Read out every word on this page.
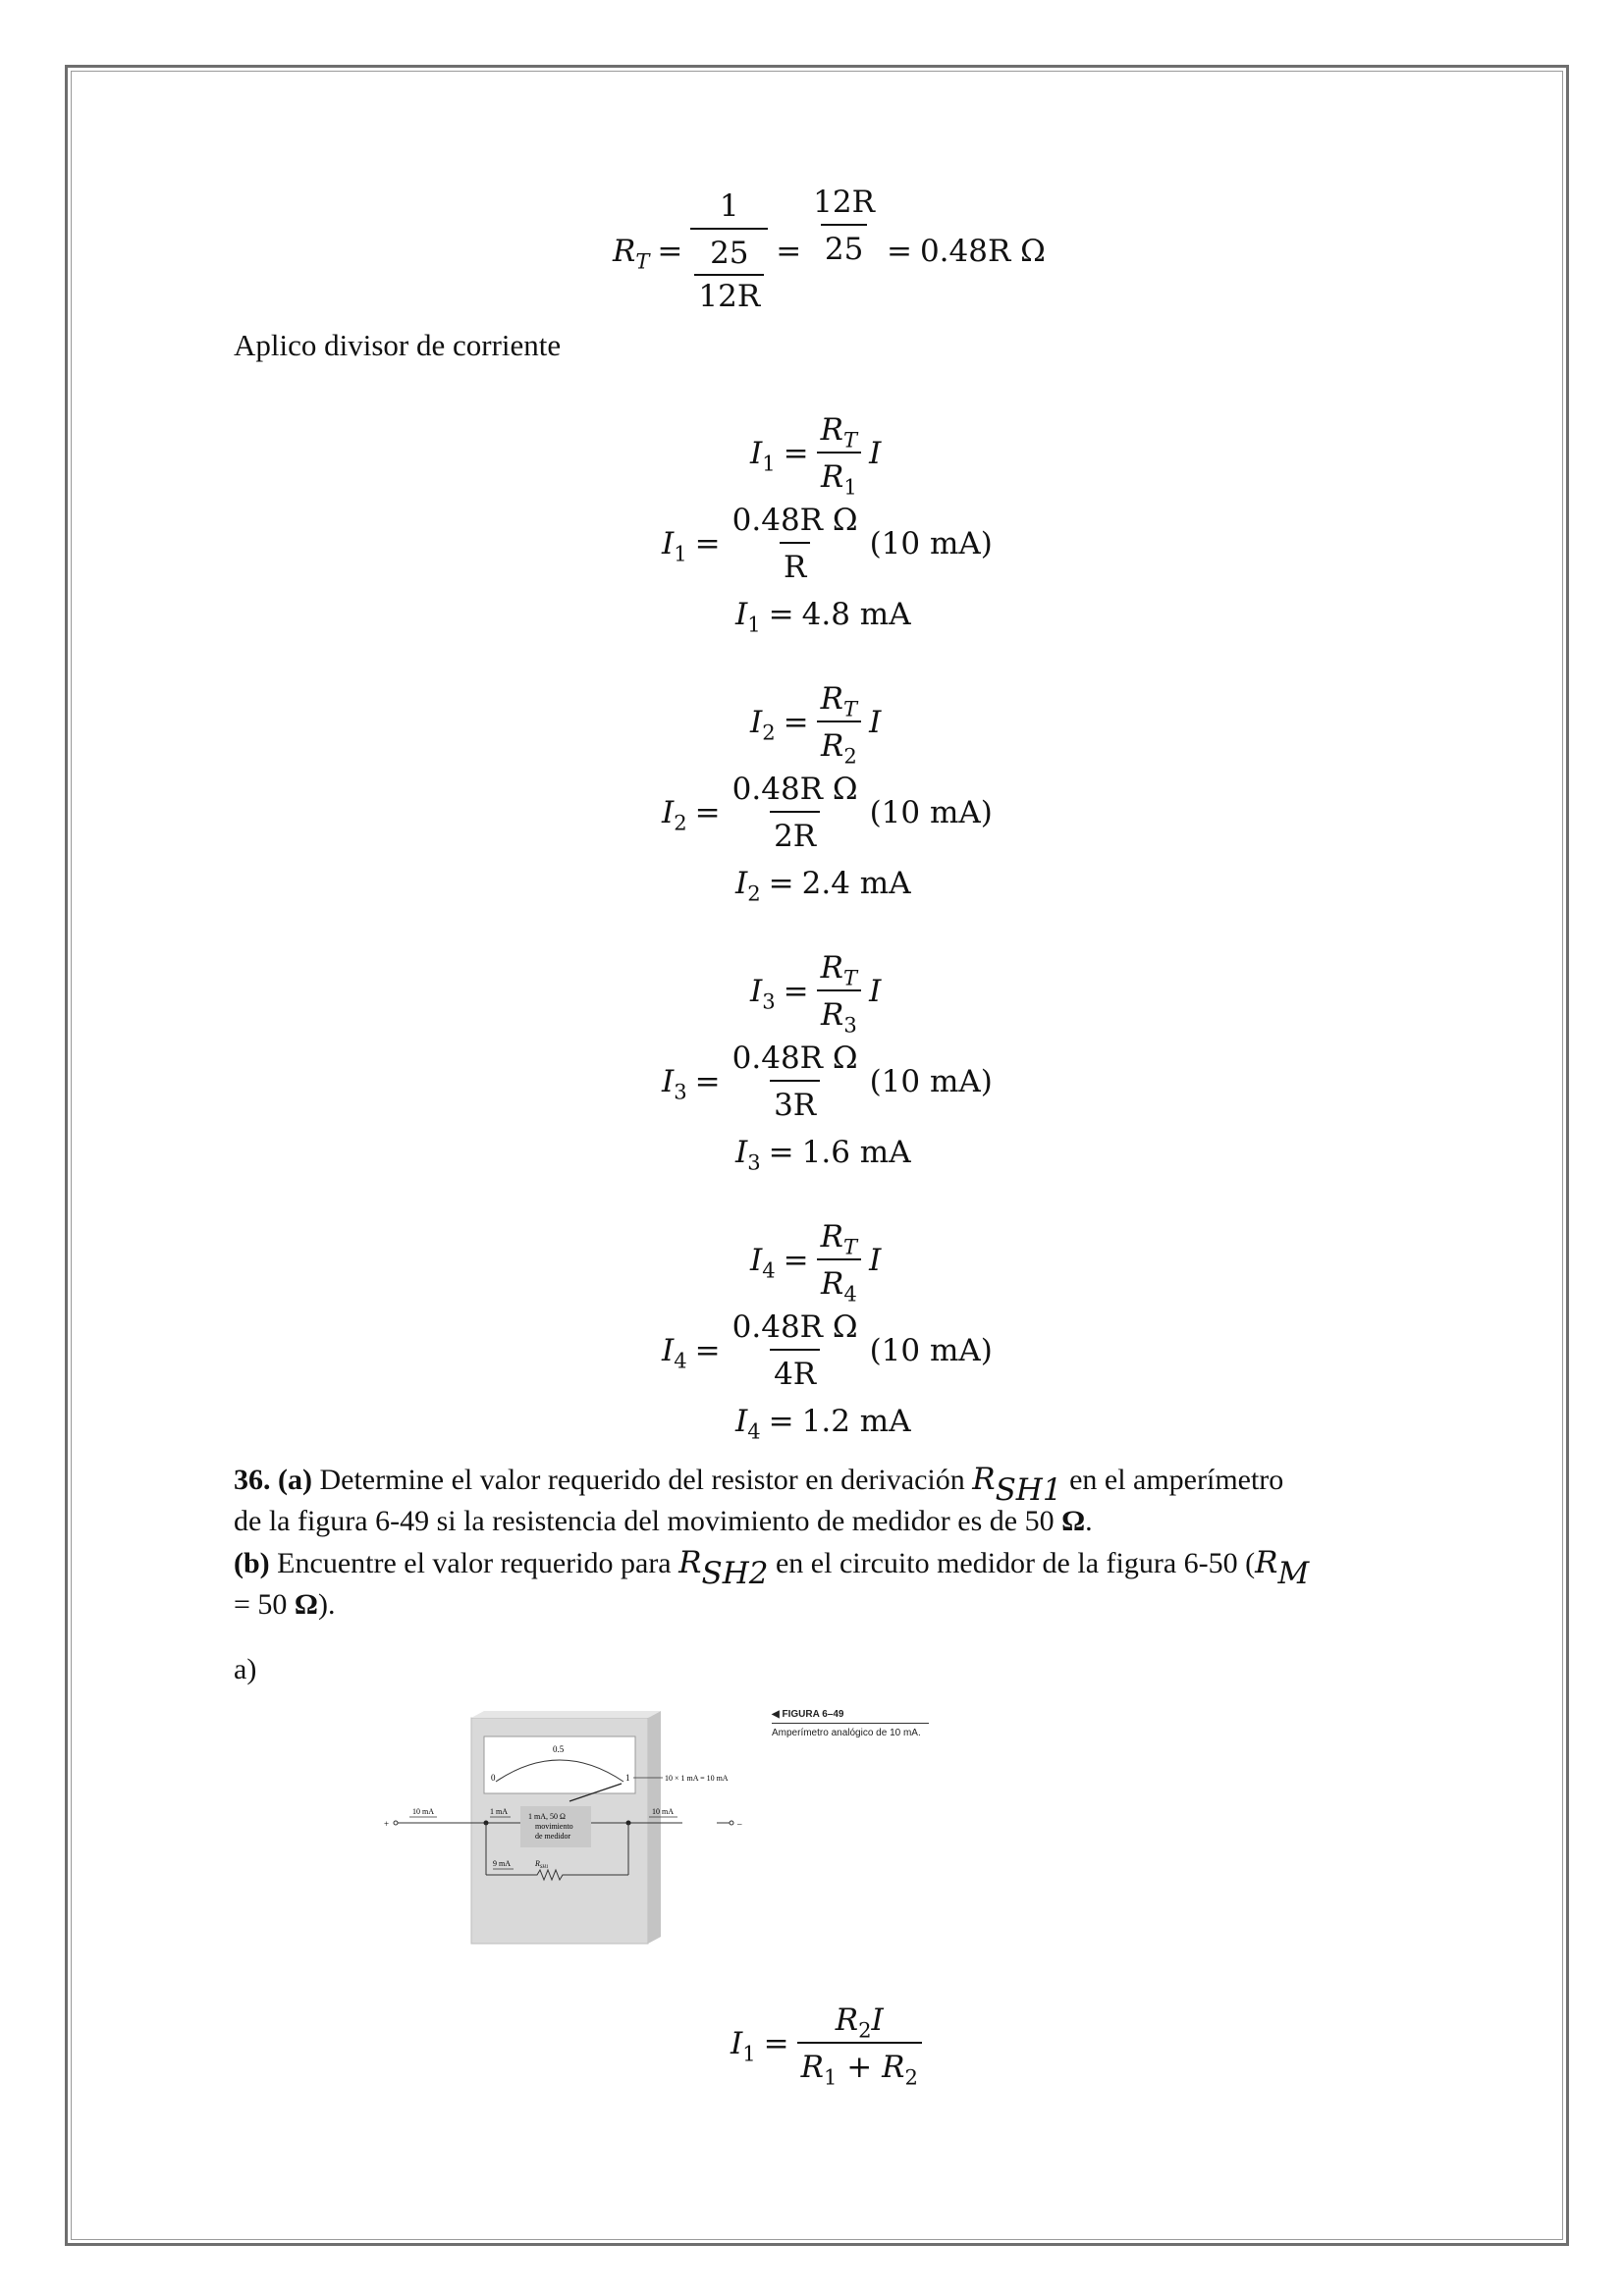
$R_T = 1$
25
$12R = \frac{12R}{25} = 0.48R$ Ω
Aplico divisor de corriente
$I_1 = \frac{R_T}{R_1}$ I
$I_1 = \frac{\text{0.48R Ω}}{R} (10$ mA)
$I_1 = 4.8$ mA
$I_2 = \frac{R_T}{R_2}$ I
$I_2 = \frac{\text{0.48R Ω}}{2R} (10$ mA)
$I_2 = 2.4$ mA
$I_3 = \frac{R_T}{R_3}$ I
$I_3 = \frac{\text{0.48R Ω}}{3R} (10$ mA)
$I_3 = 1.6$ mA
$I_4 = \frac{R_T}{R_4}$ I
$I_4 = \frac{\text{0.48R Ω}}{4R} (10$ mA)
$I_4 = 1.2$ mA
36. (a) Determine el valor requerido del resistor en derivación $R_{SH1}$ en el amperímetro
de la figura 6-49 si la resistencia del movimiento de medidor es de 50 Ω.
(b) Encuentre el valor requerido para $R_{SH2}$ en el circuito medidor de la figura 6-50 ($R_M$
= 50 Ω).
a)
0
0.5
1	10 × 1 mA = 10 mA
+	–
1 mA, 50 Ω
movimiento
de medidor
10 mA	1 mA	10 mA
9 mA	$R_{SH1}$
◀ FIGURA 6–49
Amperímetro analógico de 10 mA.
$I_1 = \frac{R_2I}{R_1 + R_2}$
